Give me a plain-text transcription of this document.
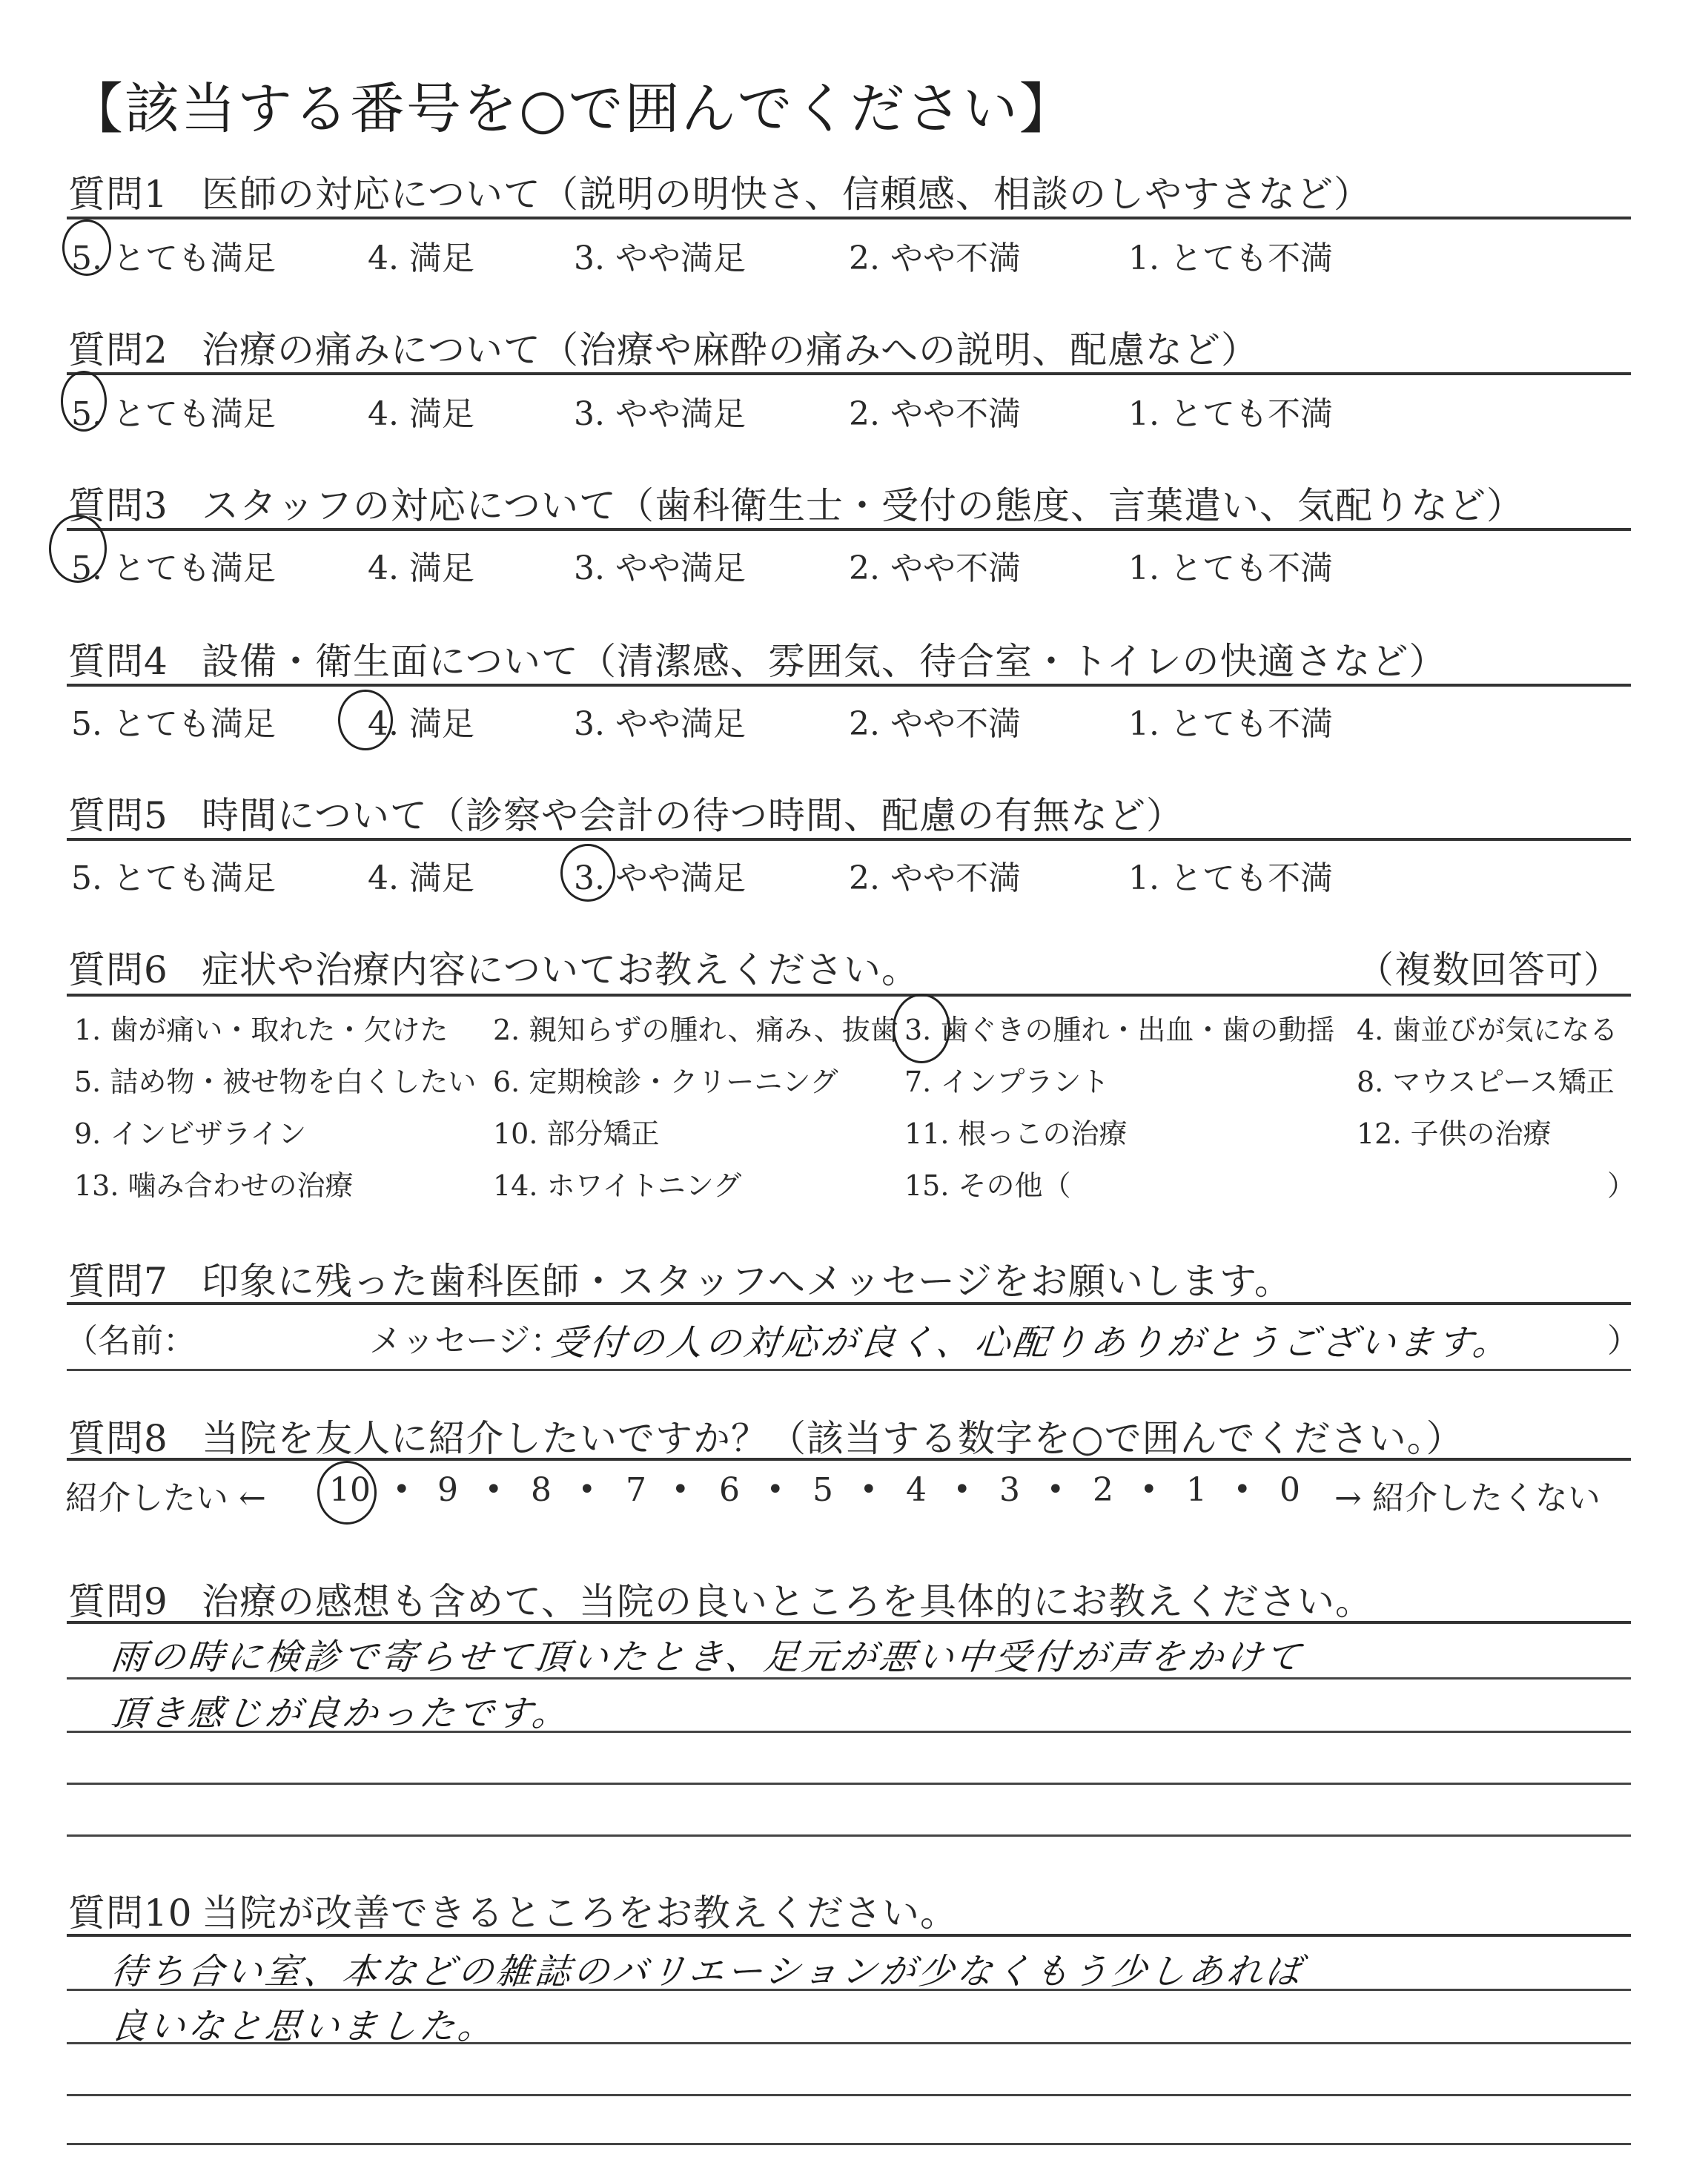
【該当する番号を○で囲んでください】
質問1 医師の対応について（説明の明快さ、信頼感、相談のしやすさなど）
5. とても満足	4. 満足	3. やや満足	2. やや不満	1. とても不満
質問2 治療の痛みについて（治療や麻酔の痛みへの説明、配慮など）
5. とても満足	4. 満足	3. やや満足	2. やや不満	1. とても不満
質問3 スタッフの対応について（歯科衛生士・受付の態度、言葉遣い、気配りなど）
5. とても満足	4. 満足	3. やや満足	2. やや不満	1. とても不満
質問4 設備・衛生面について（清潔感、雰囲気、待合室・トイレの快適さなど）
5. とても満足	4. 満足	3. やや満足	2. やや不満	1. とても不満
質問5 時間について（診察や会計の待つ時間、配慮の有無など）
5. とても満足	4. 満足	3. やや満足	2. やや不満	1. とても不満
質問6 症状や治療内容についてお教えください。	（複数回答可）
1. 歯が痛い・取れた・欠けた 2. 親知らずの腫れ、痛み、抜歯 3. 歯ぐきの腫れ・出血・歯の動揺 4. 歯並びが気になる
5. 詰め物・被せ物を白くしたい 6. 定期検診・クリーニング 7. インプラント	8. マウスピース矯正
9. インビザライン	10. 部分矯正	11. 根っこの治療	12. 子供の治療
13. 噛み合わせの治療	14. ホワイトニング	15. その他（	）
質問7 印象に残った歯科医師・スタッフへメッセージをお願いします。
（名前：	メッセージ：
受付の人の対応が良く、心配りありがとうございます。	）
質問8 当院を友人に紹介したいですか？（該当する数字を○で囲んでください。）
紹介したい ← 10 • 9 • 8 • 7 • 6 • 5 • 4 • 3 • 2 • 1 • 0 → 紹介したくない
質問9 治療の感想も含めて、当院の良いところを具体的にお教えください。
雨の時に検診で寄らせて頂いたとき、足元が悪い中受付が声をかけて
頂き感じが良かったです。
質問10 当院が改善できるところをお教えください。
待ち合い室、本などの雑誌のバリエーションが少なくもう少しあれば
良いなと思いました。
